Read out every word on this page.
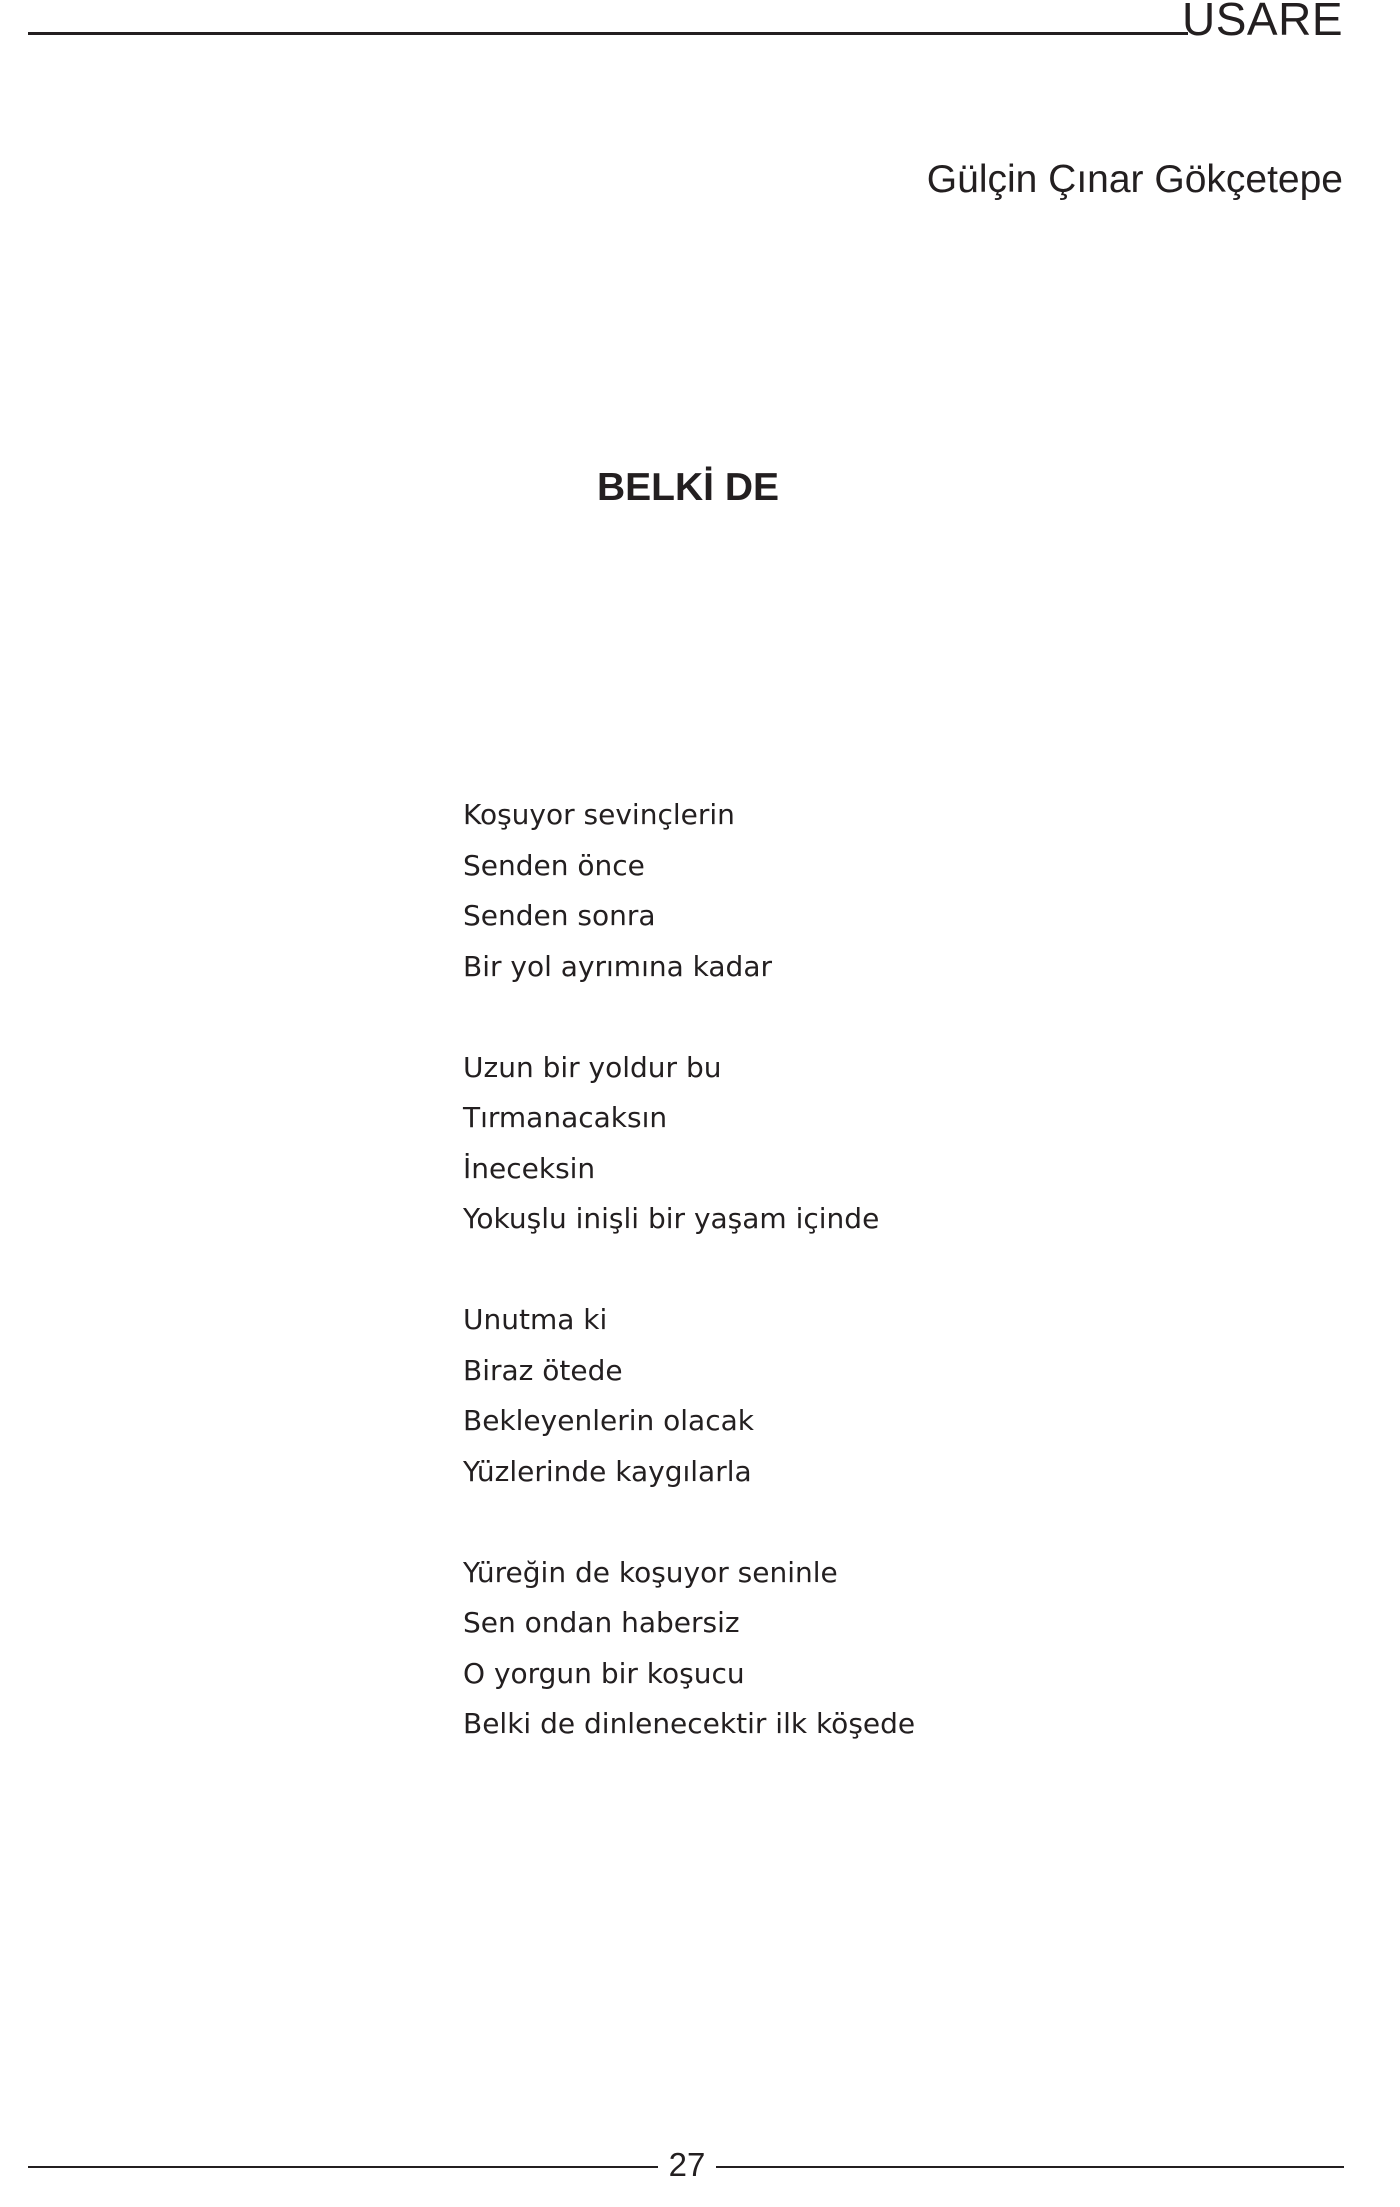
USARE
Gülçin Çınar Gökçetepe
BELKİ DE
Koşuyor sevinçlerin
Senden önce
Senden sonra
Bir yol ayrımına kadar
Uzun bir yoldur bu
Tırmanacaksın
İneceksin
Yokuşlu inişli bir yaşam içinde
Unutma ki
Biraz ötede
Bekleyenlerin olacak
Yüzlerinde kaygılarla
Yüreğin de koşuyor seninle
Sen ondan habersiz
O yorgun bir koşucu
Belki de dinlenecektir ilk köşede
27
